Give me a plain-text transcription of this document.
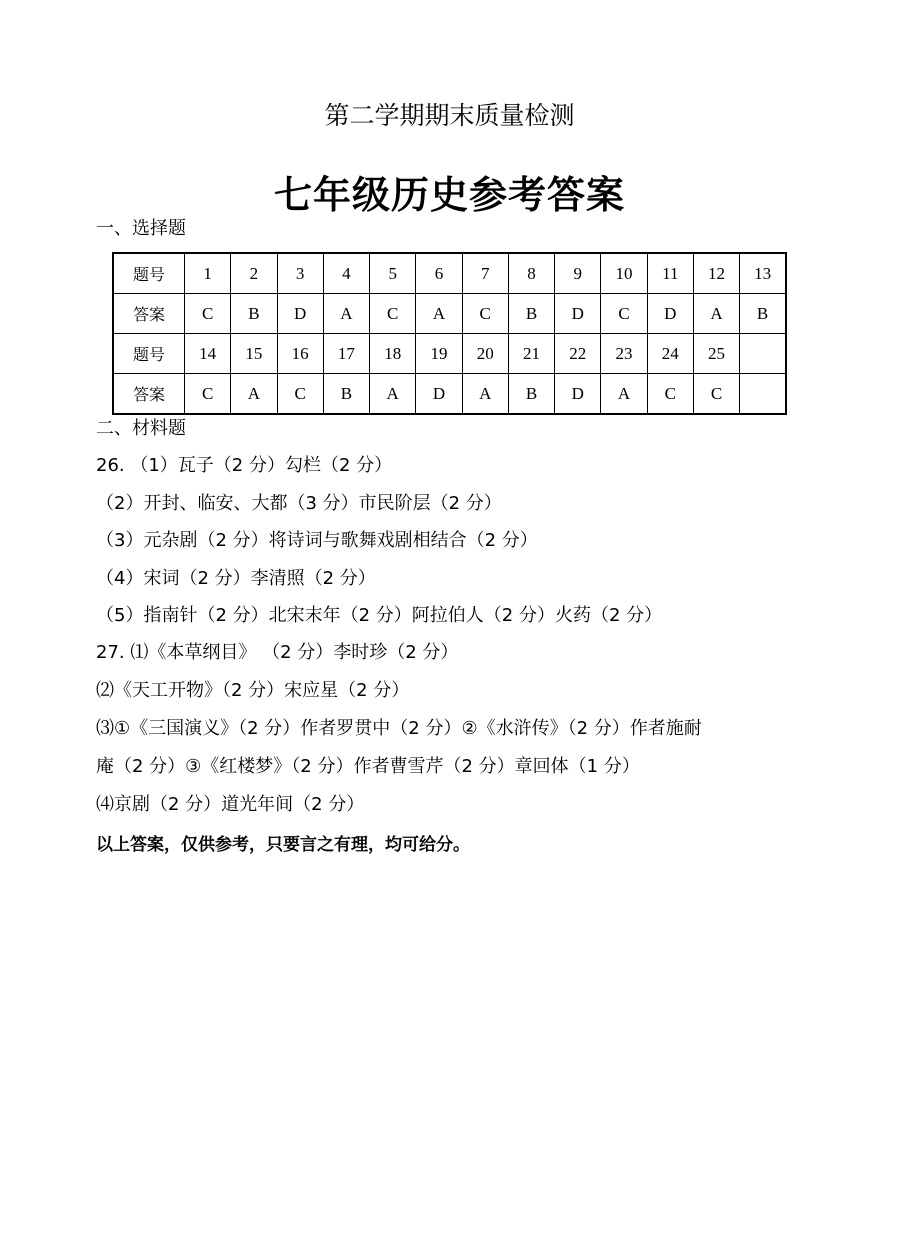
第二学期期末质量检测
七年级历史参考答案
一、选择题
题号	1	2	3	4	5	6	7	8	9	10	11	12	13
答案	C	B	D	A	C	A	C	B	D	C	D	A	B
题号	14	15	16	17	18	19	20	21	22	23	24	25	
答案	C	A	C	B	A	D	A	B	D	A	C	C	
二、材料题
26. （1）瓦子（2 分）勾栏（2 分）
（2）开封、临安、大都（3 分）市民阶层（2 分）
（3）元杂剧（2 分）将诗词与歌舞戏剧相结合（2 分）
（4）宋词（2 分）李清照（2 分）
（5）指南针（2 分）北宋末年（2 分）阿拉伯人（2 分）火药（2 分）
27. ⑴《本草纲目》 （2 分）李时珍（2 分）
⑵《天工开物》（2 分）宋应星（2 分）
⑶①《三国演义》（2 分）作者罗贯中（2 分）②《水浒传》（2 分）作者施耐
庵（2 分）③《红楼梦》（2 分）作者曹雪芹（2 分）章回体（1 分）
⑷京剧（2 分）道光年间（2 分）
以上答案，仅供参考，只要言之有理，均可给分。
